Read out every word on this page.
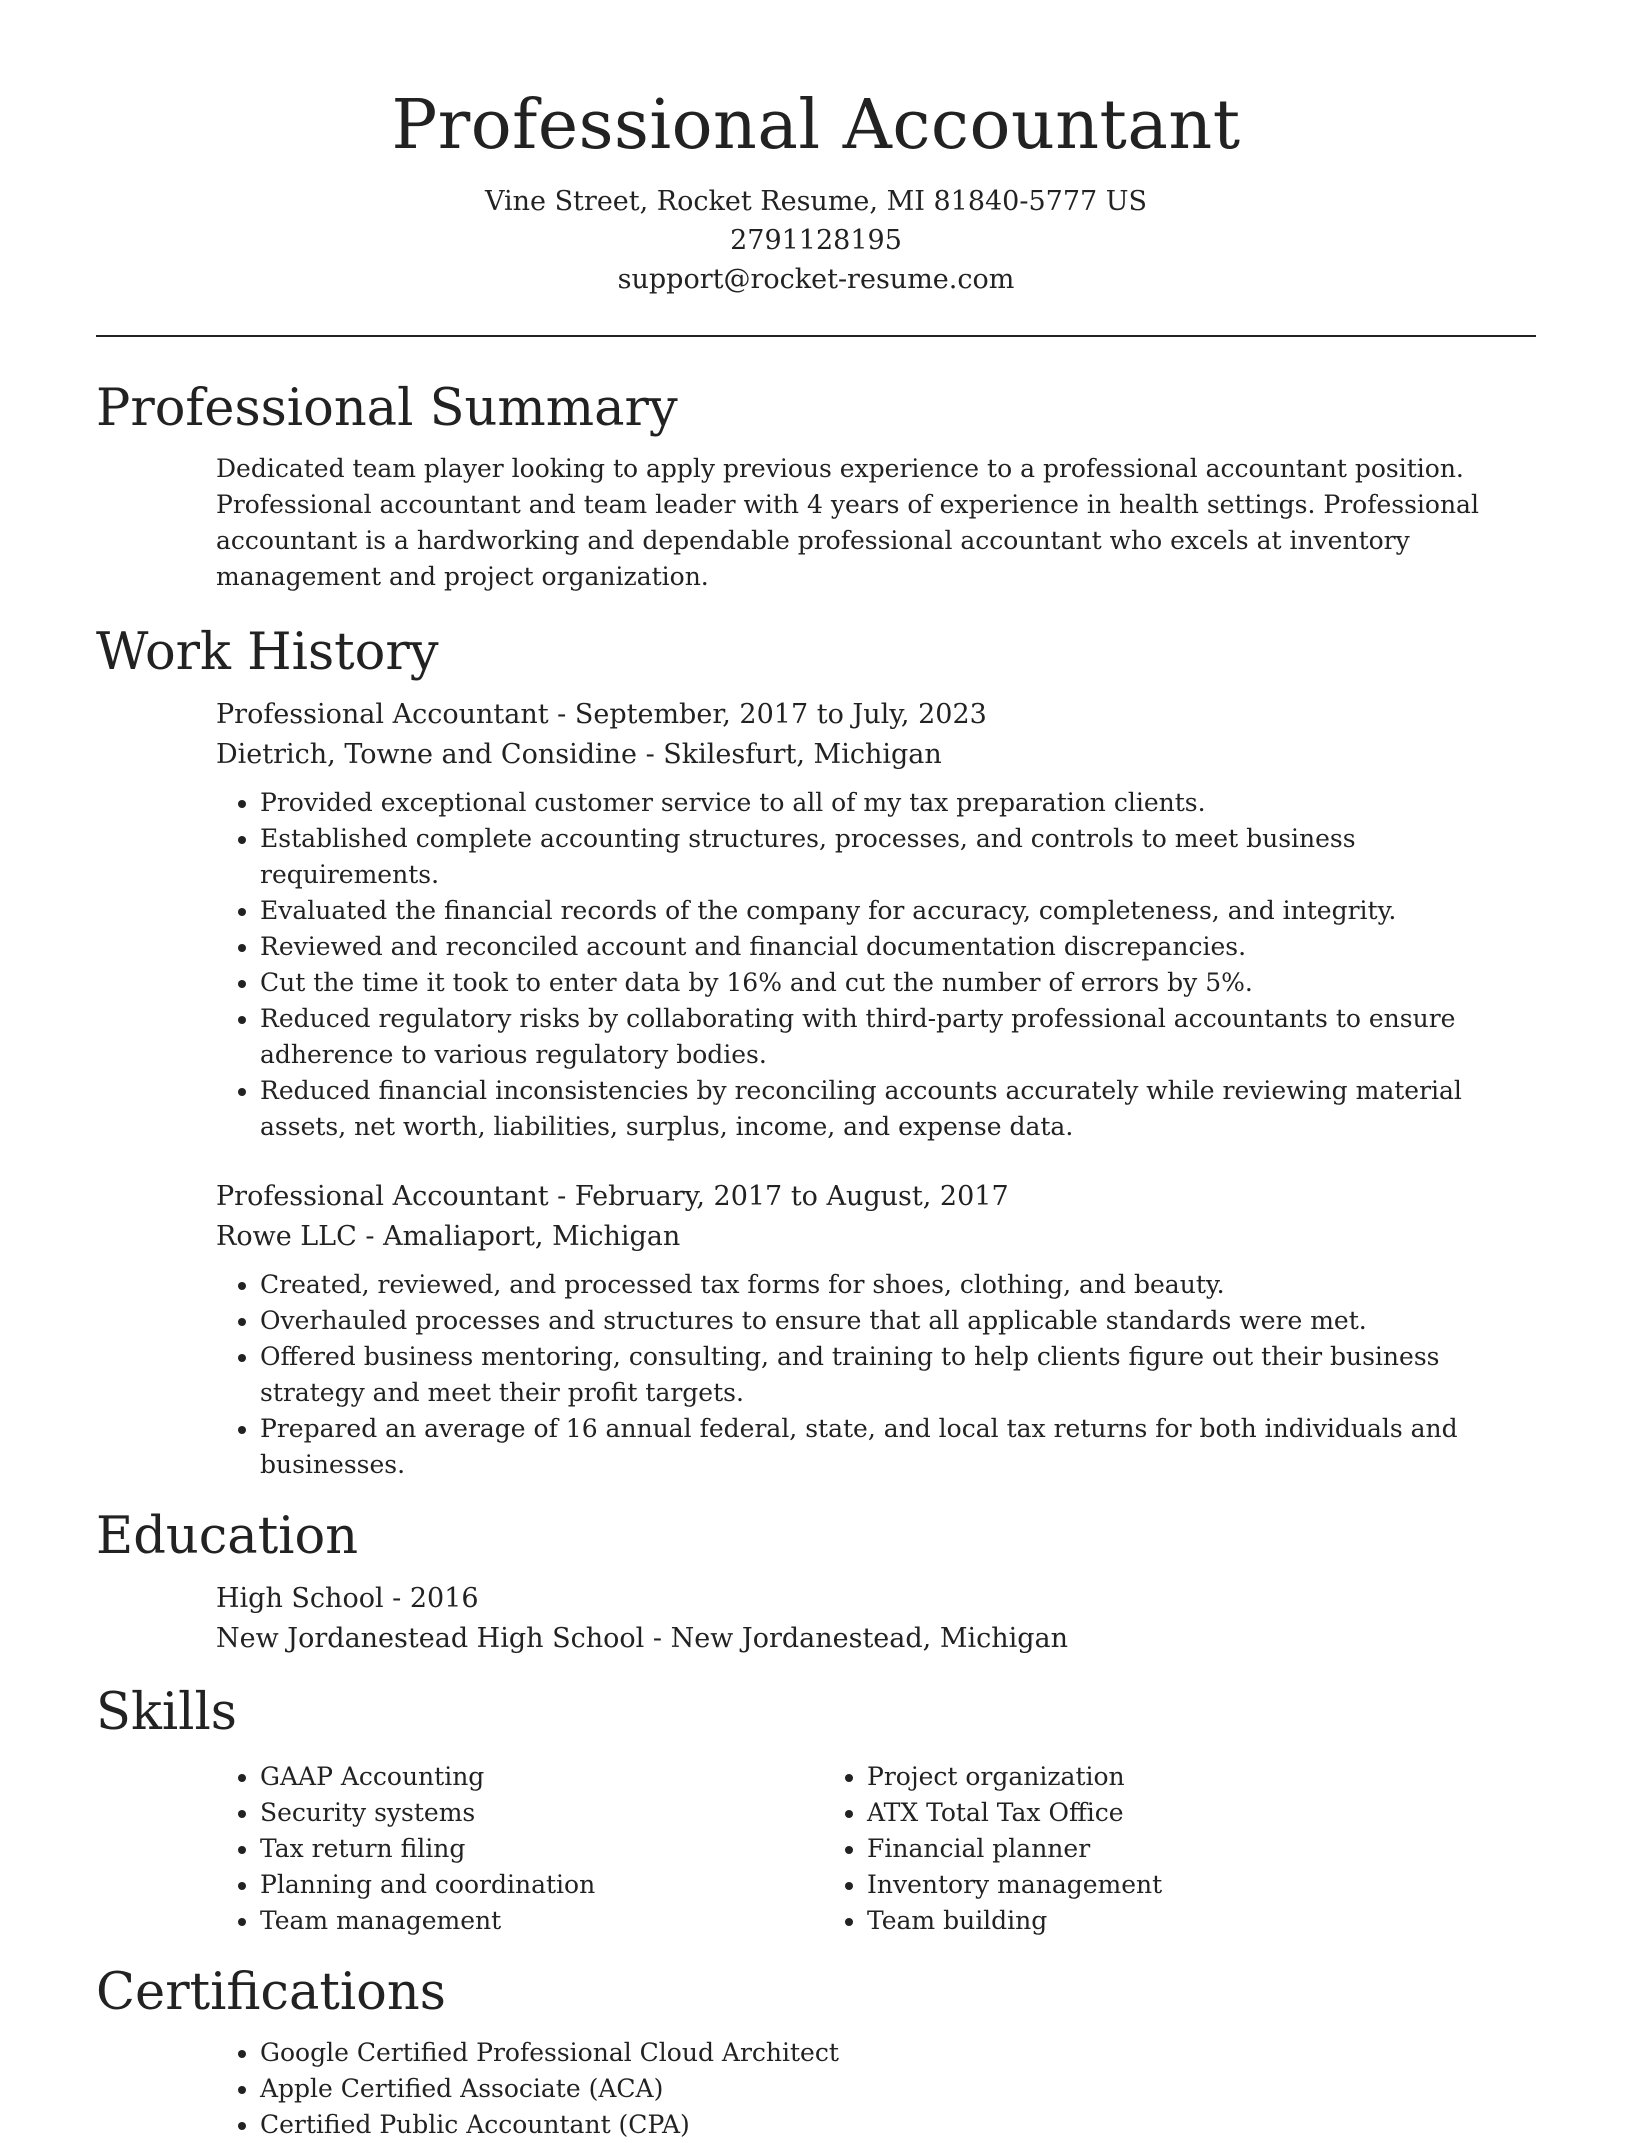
Professional Accountant
Vine Street, Rocket Resume, MI 81840-5777 US
2791128195
support@rocket-resume.com
Professional Summary

Dedicated team player looking to apply previous experience to a professional accountant position. Professional accountant and team leader with 4 years of experience in health settings. Professional accountant is a hardworking and dependable professional accountant who excels at inventory management and project organization.

Work History
Professional Accountant - September, 2017 to July, 2023
Dietrich, Towne and Considine - Skilesfurt, Michigan
• Provided exceptional customer service to all of my tax preparation clients.
• Established complete accounting structures, processes, and controls to meet business requirements.
• Evaluated the financial records of the company for accuracy, completeness, and integrity.
• Reviewed and reconciled account and financial documentation discrepancies.
• Cut the time it took to enter data by 16% and cut the number of errors by 5%.
• Reduced regulatory risks by collaborating with third-party professional accountants to ensure adherence to various regulatory bodies.
• Reduced financial inconsistencies by reconciling accounts accurately while reviewing material assets, net worth, liabilities, surplus, income, and expense data.
Professional Accountant - February, 2017 to August, 2017
Rowe LLC - Amaliaport, Michigan
• Created, reviewed, and processed tax forms for shoes, clothing, and beauty.
• Overhauled processes and structures to ensure that all applicable standards were met.
• Offered business mentoring, consulting, and training to help clients figure out their business strategy and meet their profit targets.
• Prepared an average of 16 annual federal, state, and local tax returns for both individuals and businesses.
Education
High School - 2016
New Jordanestead High School - New Jordanestead, Michigan
Skills
• GAAP Accounting
• Security systems
• Tax return filing
• Planning and coordination
• Team management
• Project organization
• ATX Total Tax Office
• Financial planner
• Inventory management
• Team building
Certifications
• Google Certified Professional Cloud Architect
• Apple Certified Associate (ACA)
• Certified Public Accountant (CPA)
